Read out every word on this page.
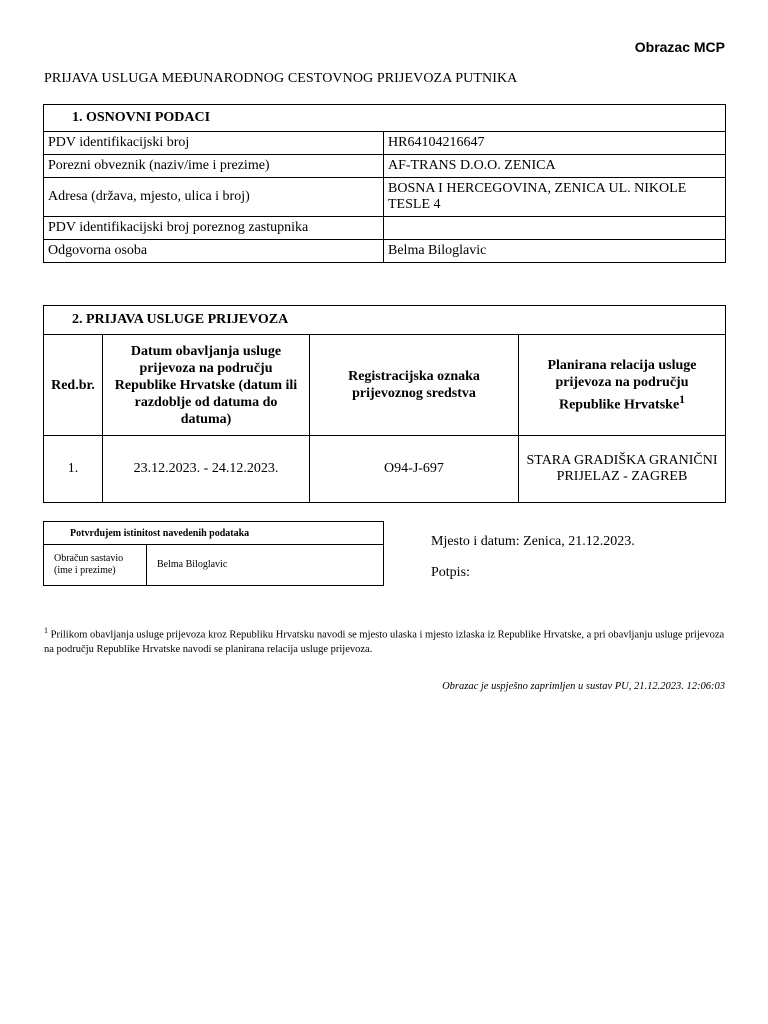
Obrazac MCP
PRIJAVA USLUGA MEĐUNARODNOG CESTOVNOG PRIJEVOZA PUTNIKA
1. OSNOVNI PODACI	
PDV identifikacijski broj	HR64104216647
Porezni obveznik (naziv/ime i prezime)	AF-TRANS D.O.O. ZENICA
Adresa (država, mjesto, ulica i broj)	BOSNA I HERCEGOVINA, ZENICA UL. NIKOLE TESLE 4
PDV identifikacijski broj poreznog zastupnika	
Odgovorna osoba	Belma Biloglavic
2. PRIJAVA USLUGE PRIJEVOZA			
Red.br.	Datum obavljanja usluge prijevoza na području Republike Hrvatske (datum ili razdoblje od datuma do datuma)	Registracijska oznaka prijevoznog sredstva	Planirana relacija usluge prijevoza na području Republike Hrvatske$^1$
1.	23.12.2023. - 24.12.2023.	O94-J-697	STARA GRADIŠKA GRANIČNI PRIJELAZ - ZAGREB
Potvrđujem istinitost navedenih podataka
Obračun sastavio (ime i prezime)	Belma Biloglavic
Mjesto i datum: Zenica, 21.12.2023.
Potpis:
$^1$ Prilikom obavljanja usluge prijevoza kroz Republiku Hrvatsku navodi se mjesto ulaska i mjesto izlaska iz Republike Hrvatske, a pri obavljanju usluge prijevoza na području Republike Hrvatske navodi se planirana relacija usluge prijevoza.
Obrazac je uspješno zaprimljen u sustav PU, 21.12.2023. 12:06:03
